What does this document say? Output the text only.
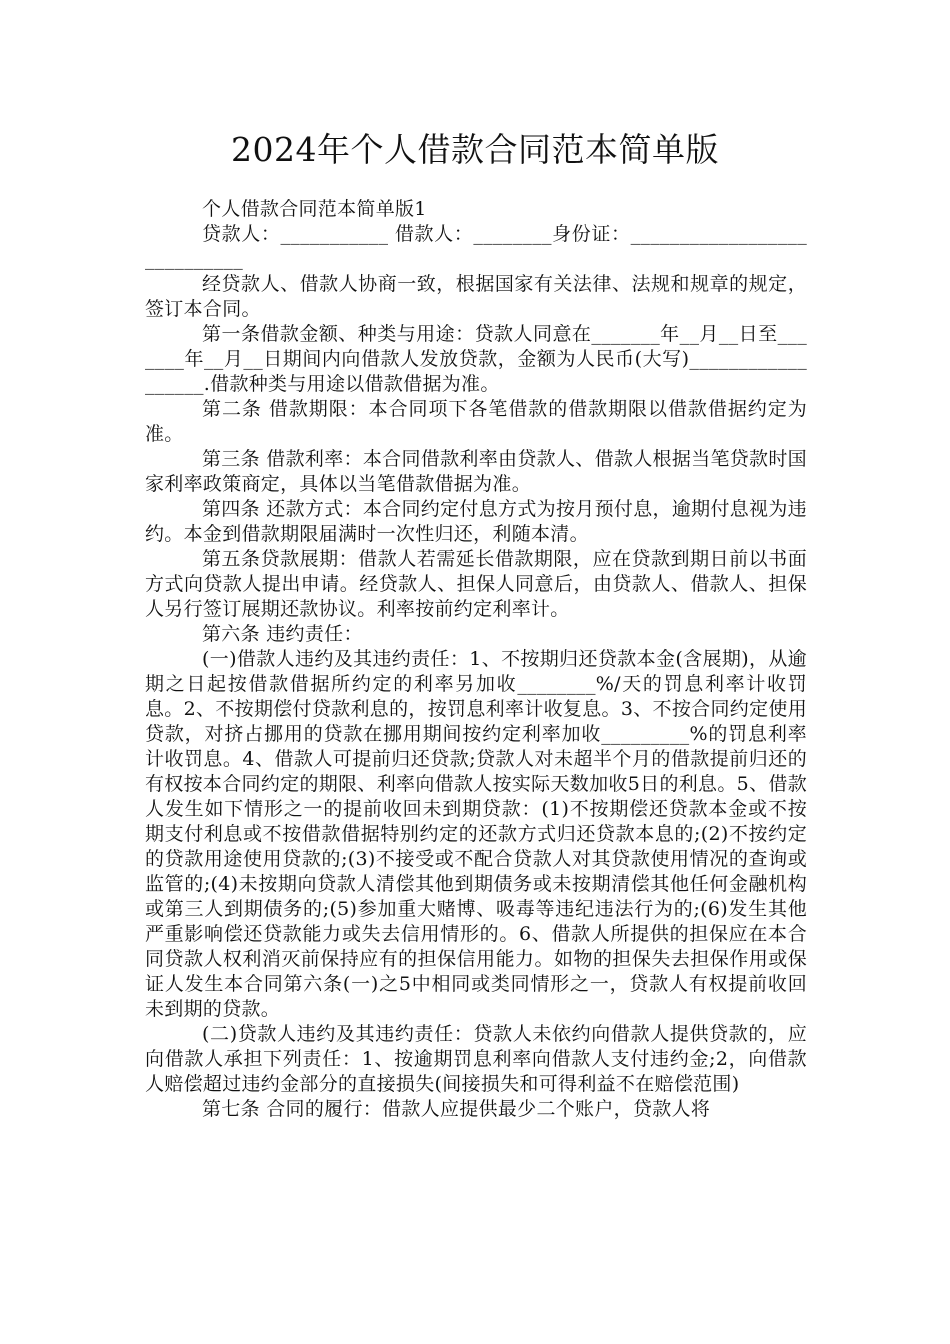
2024年个人借款合同范本简单版

个人借款合同范本简单版1

贷款人：___________ 借款人：________身份证：____________________________

经贷款人、借款人协商一致，根据国家有关法律、法规和规章的规定，签订本合同。

第一条借款金额、种类与用途：贷款人同意在_______年__月__日至_______年__月__日期间内向借款人发放贷款，金额为人民币(大写)__________________.借款种类与用途以借款借据为准。

第二条 借款期限：本合同项下各笔借款的借款期限以借款借据约定为准。

第三条 借款利率：本合同借款利率由贷款人、借款人根据当笔贷款时国家利率政策商定，具体以当笔借款借据为准。

第四条 还款方式：本合同约定付息方式为按月预付息，逾期付息视为违约。本金到借款期限届满时一次性归还，利随本清。

第五条贷款展期：借款人若需延长借款期限，应在贷款到期日前以书面方式向贷款人提出申请。经贷款人、担保人同意后，由贷款人、借款人、担保人另行签订展期还款协议。利率按前约定利率计。

第六条 违约责任：

(一)借款人违约及其违约责任：1、不按期归还贷款本金(含展期)，从逾期之日起按借款借据所约定的利率另加收________%/天的罚息利率计收罚息。2、不按期偿付贷款利息的，按罚息利率计收复息。3、不按合同约定使用贷款，对挤占挪用的贷款在挪用期间按约定利率加收_________%的罚息利率计收罚息。4、借款人可提前归还贷款;贷款人对未超半个月的借款提前归还的有权按本合同约定的期限、利率向借款人按实际天数加收5日的利息。5、借款人发生如下情形之一的提前收回未到期贷款：(1)不按期偿还贷款本金或不按期支付利息或不按借款借据特别约定的还款方式归还贷款本息的;(2)不按约定的贷款用途使用贷款的;(3)不接受或不配合贷款人对其贷款使用情况的查询或监管的;(4)未按期向贷款人清偿其他到期债务或未按期清偿其他任何金融机构或第三人到期债务的;(5)参加重大赌博、吸毒等违纪违法行为的;(6)发生其他严重影响偿还贷款能力或失去信用情形的。6、借款人所提供的担保应在本合同贷款人权利消灭前保持应有的担保信用能力。如物的担保失去担保作用或保证人发生本合同第六条(一)之5中相同或类同情形之一，贷款人有权提前收回未到期的贷款。

(二)贷款人违约及其违约责任：贷款人未依约向借款人提供贷款的，应向借款人承担下列责任：1、按逾期罚息利率向借款人支付违约金;2，向借款人赔偿超过违约金部分的直接损失(间接损失和可得利益不在赔偿范围)

第七条 合同的履行：借款人应提供最少二个账户，贷款人将
